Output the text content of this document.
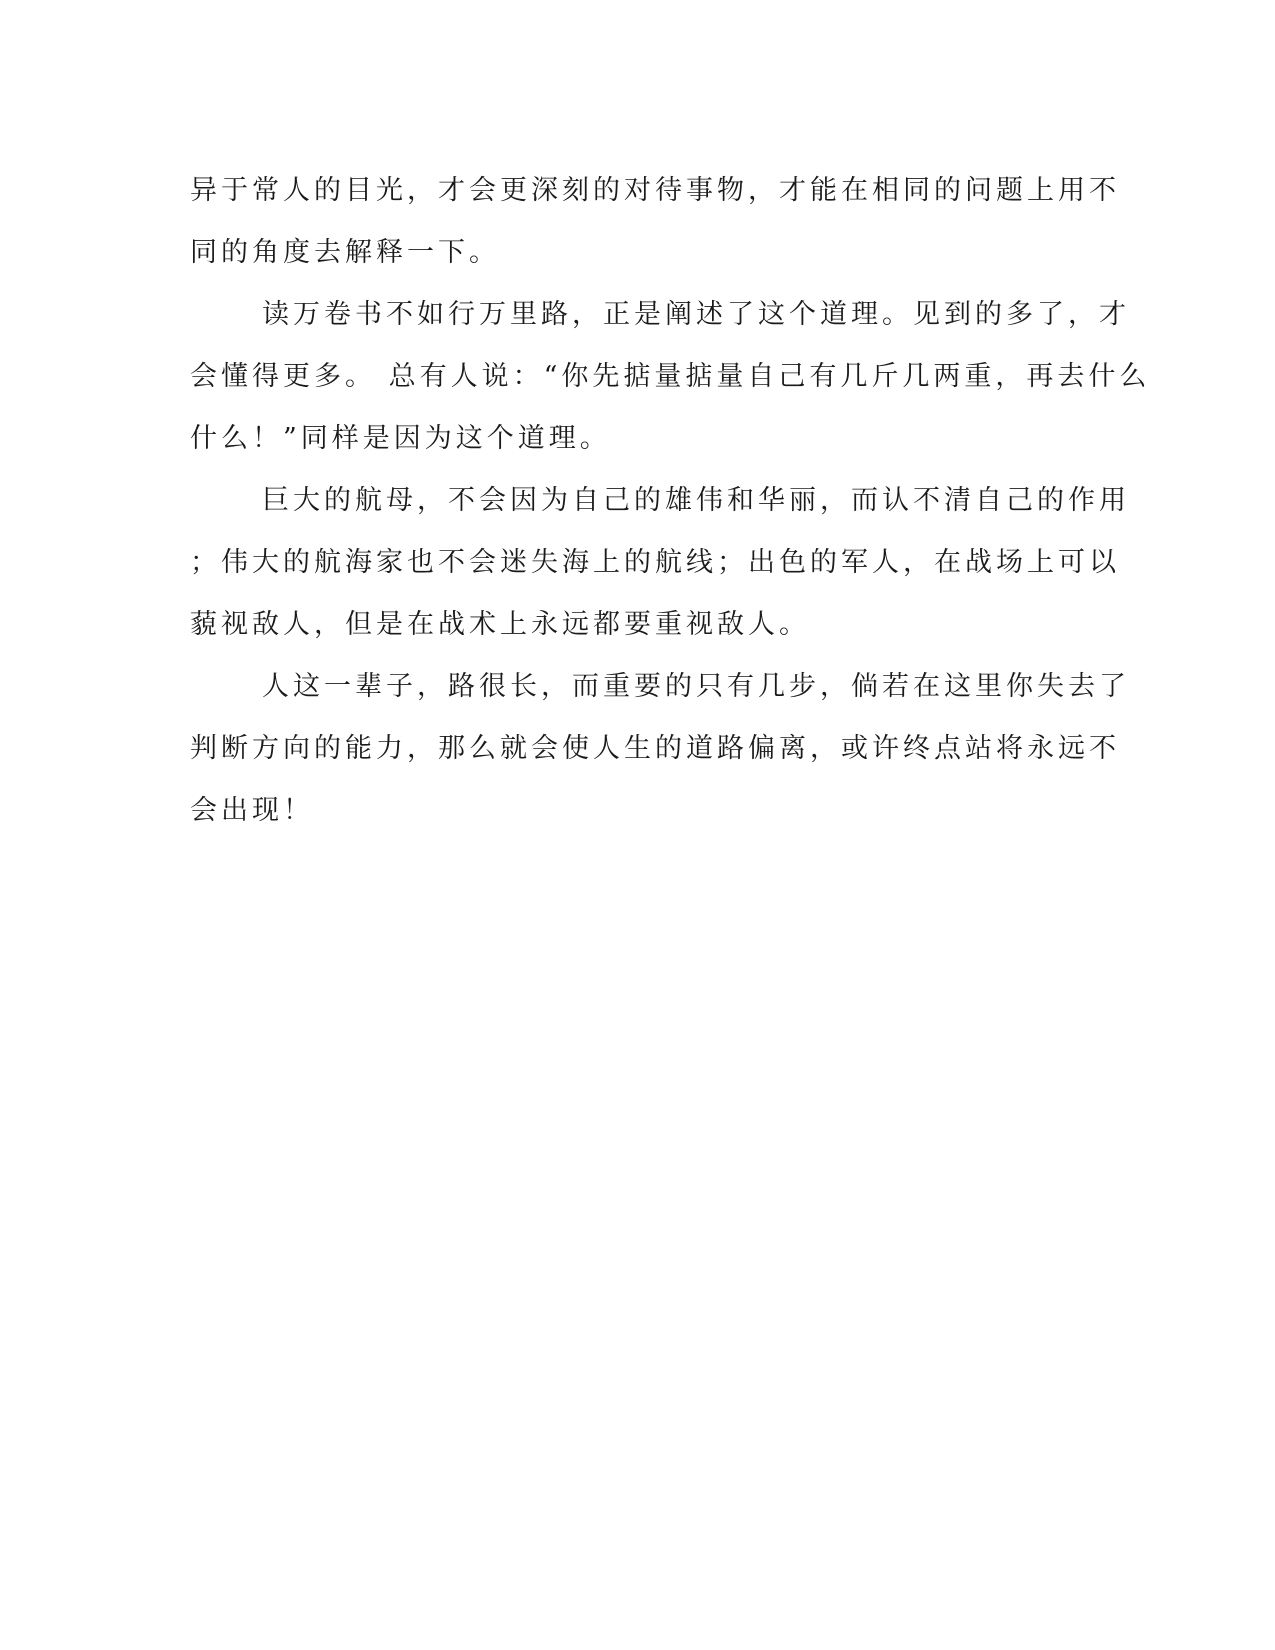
异于常人的目光，才会更深刻的对待事物，才能在相同的问题上用不
同的角度去解释一下。
读万卷书不如行万里路，正是阐述了这个道理。见到的多了，才
会懂得更多。 总有人说：“你先掂量掂量自己有几斤几两重，再去什么
什么！”同样是因为这个道理。
巨大的航母，不会因为自己的雄伟和华丽，而认不清自己的作用
；伟大的航海家也不会迷失海上的航线；出色的军人，在战场上可以
藐视敌人，但是在战术上永远都要重视敌人。
人这一辈子，路很长，而重要的只有几步，倘若在这里你失去了
判断方向的能力，那么就会使人生的道路偏离，或许终点站将永远不
会出现！
